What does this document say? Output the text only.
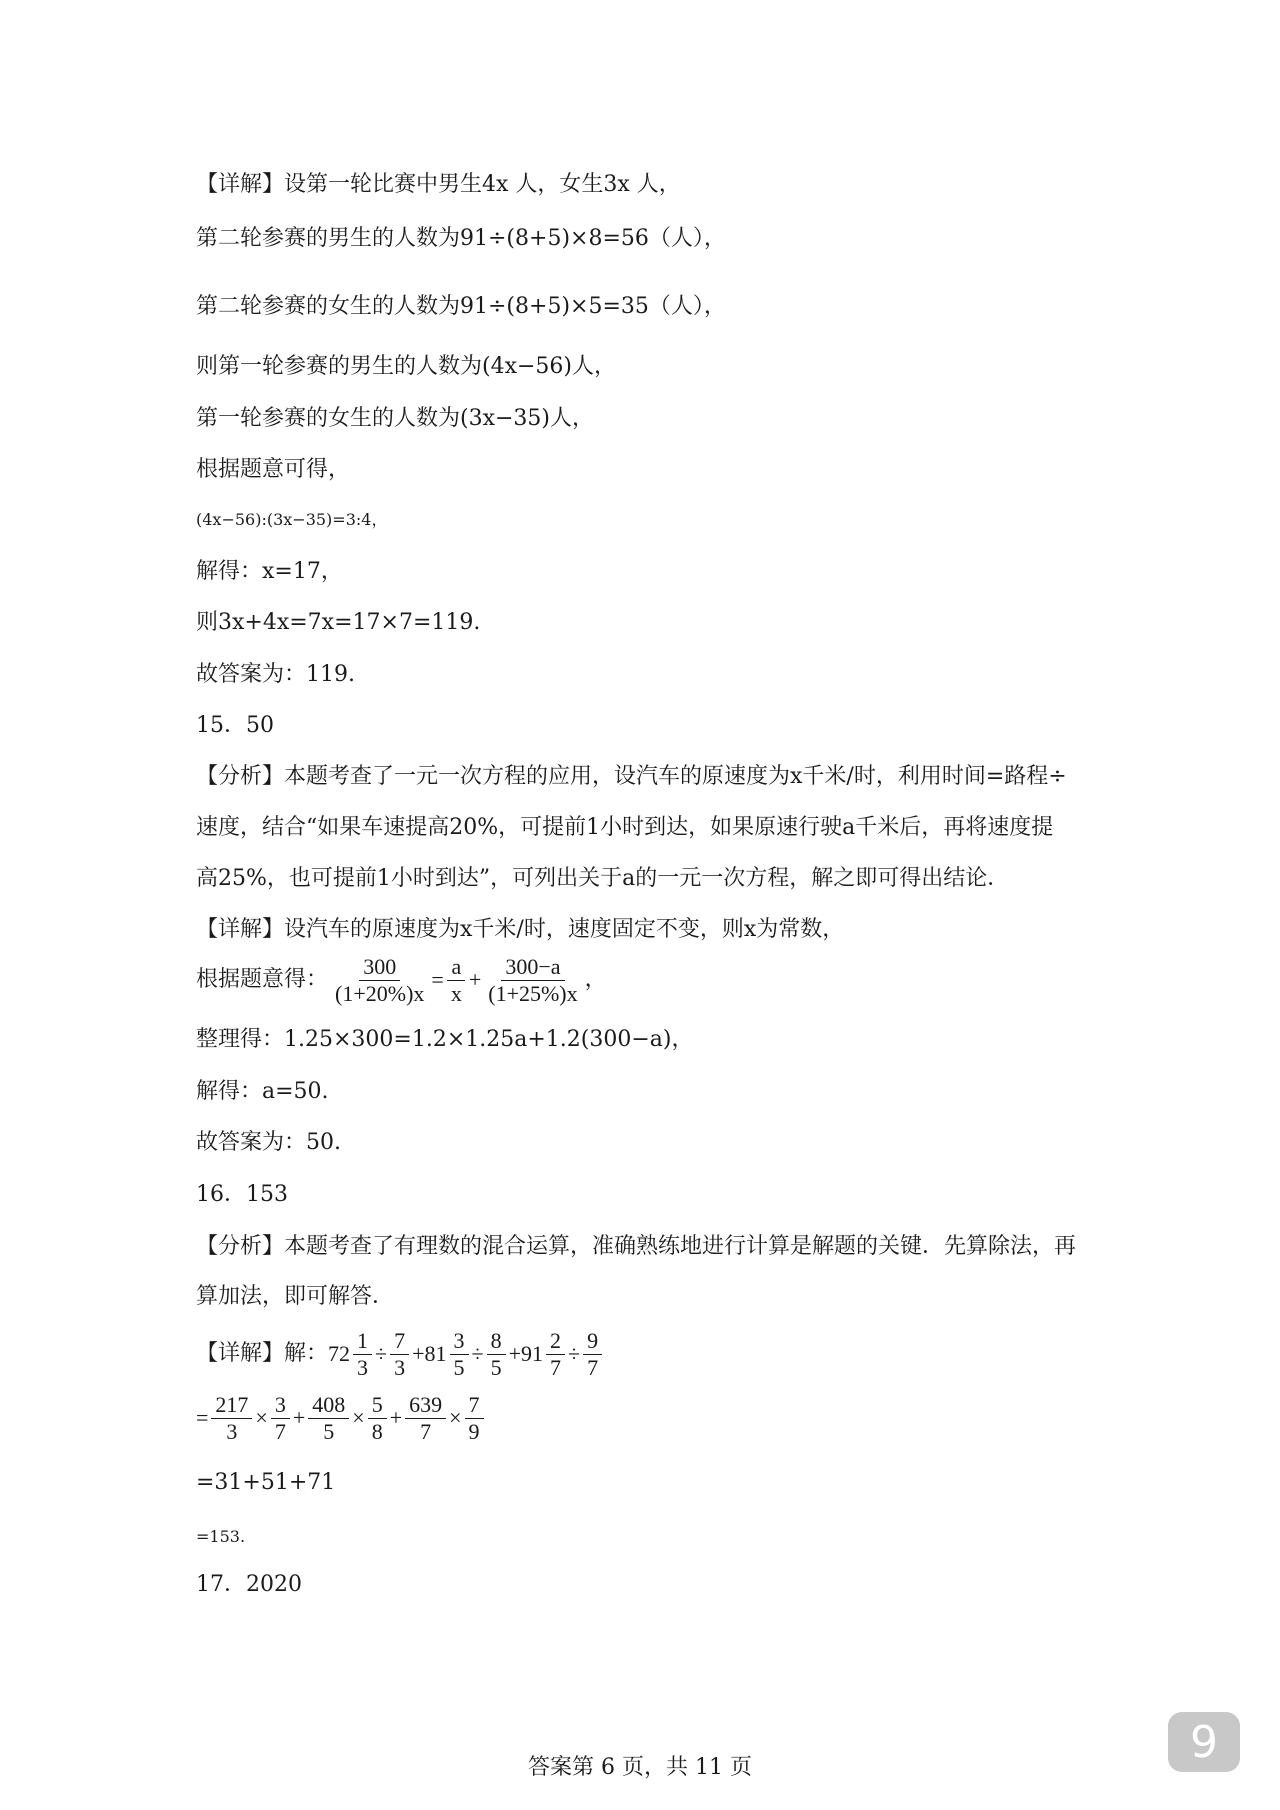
【详解】设第一轮比赛中男生4x 人，女生3x 人，
第二轮参赛的男生的人数为91÷(8+5)×8=56（人），
第二轮参赛的女生的人数为91÷(8+5)×5=35（人），
则第一轮参赛的男生的人数为(4x−56)人，
第一轮参赛的女生的人数为(3x−35)人，
根据题意可得，
(4x−56):(3x−35)=3:4，
解得：x=17，
则3x+4x=7x=17×7=119.
故答案为：119.
15．50
【分析】本题考查了一元一次方程的应用，设汽车的原速度为x千米/时，利用时间=路程÷
速度，结合“如果车速提高20%，可提前1小时到达，如果原速行驶a千米后，再将速度提
高25%，也可提前1小时到达”，可列出关于a的一元一次方程，解之即可得出结论．
【详解】设汽车的原速度为x千米/时，速度固定不变，则x为常数，
根据题意得： $\frac{300}{(1+20\%)x} = \frac{a}{x} + \frac{300-a}{(1+25\%)x}$ ，
整理得：1.25×300=1.2×1.25a+1.2(300−a)，
解得：a=50.
故答案为：50.
16．153
【分析】本题考查了有理数的混合运算，准确熟练地进行计算是解题的关键．先算除法，再
算加法，即可解答．
【详解】解： $72 \frac{1}{3} \div \frac{7}{3} +81 \frac{3}{5} \div \frac{8}{5} +91 \frac{2}{7} \div \frac{9}{7}$
= $\frac{217}{3} \times \frac{3}{7} + \frac{408}{5} \times \frac{5}{8} + \frac{639}{7} \times \frac{7}{9}$
=31+51+71
=153.
17．2020
答案第 6 页，共 11 页	9
